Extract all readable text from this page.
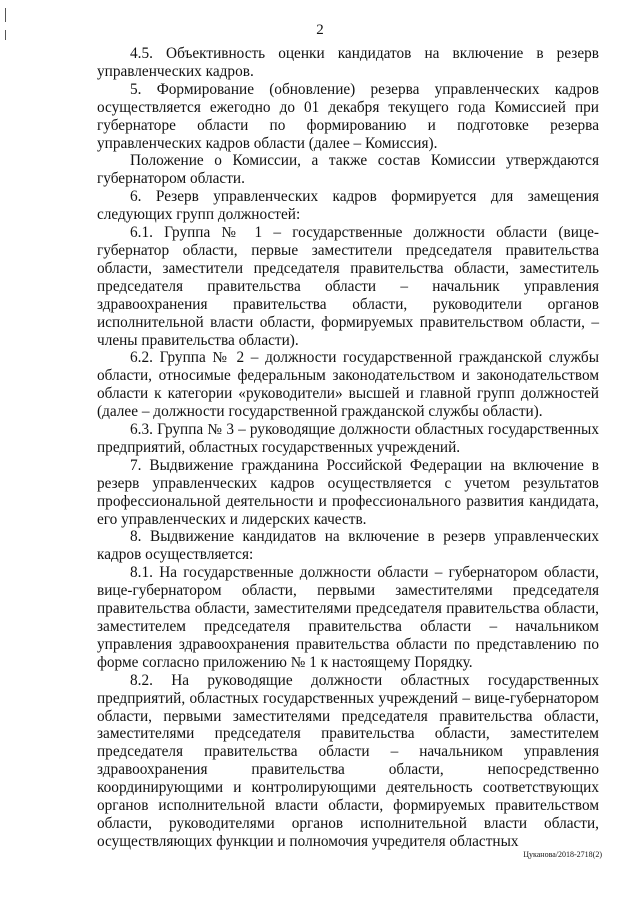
2

4.5. Объективность оценки кандидатов на включение в резерв управленческих кадров.

5. Формирование (обновление) резерва управленческих кадров осуществляется ежегодно до 01 декабря текущего года Комиссией при губернаторе области по формированию и подготовке резерва управленческих кадров области (далее – Комиссия).

Положение о Комиссии, а также состав Комиссии утверждаются губернатором области.

6. Резерв управленческих кадров формируется для замещения следующих групп должностей:

6.1. Группа № 1 – государственные должности области (вице-губернатор области, первые заместители председателя правительства области, заместители председателя правительства области, заместитель председателя правительства области – начальник управления здравоохранения правительства области, руководители органов исполнительной власти области, формируемых правительством области, – члены правительства области).

6.2. Группа № 2 – должности государственной гражданской службы области, относимые федеральным законодательством и законодательством области к категории «руководители» высшей и главной групп должностей (далее – должности государственной гражданской службы области).

6.3. Группа № 3 – руководящие должности областных государственных предприятий, областных государственных учреждений.

7. Выдвижение гражданина Российской Федерации на включение в резерв управленческих кадров осуществляется с учетом результатов профессиональной деятельности и профессионального развития кандидата, его управленческих и лидерских качеств.

8. Выдвижение кандидатов на включение в резерв управленческих кадров осуществляется:

8.1. На государственные должности области – губернатором области, вице-губернатором области, первыми заместителями председателя правительства области, заместителями председателя правительства области, заместителем председателя правительства области – начальником управления здравоохранения правительства области по представлению по форме согласно приложению № 1 к настоящему Порядку.

8.2. На руководящие должности областных государственных предприятий, областных государственных учреждений – вице-губернатором области, первыми заместителями председателя правительства области, заместителями председателя правительства области, заместителем председателя правительства области – начальником управления здравоохранения правительства области, непосредственно координирующими и контролирующими деятельность соответствующих органов исполнительной власти области, формируемых правительством области, руководителями органов исполнительной власти области, осуществляющих функции и полномочия учредителя областных

Цуканова/2018-2718(2)
